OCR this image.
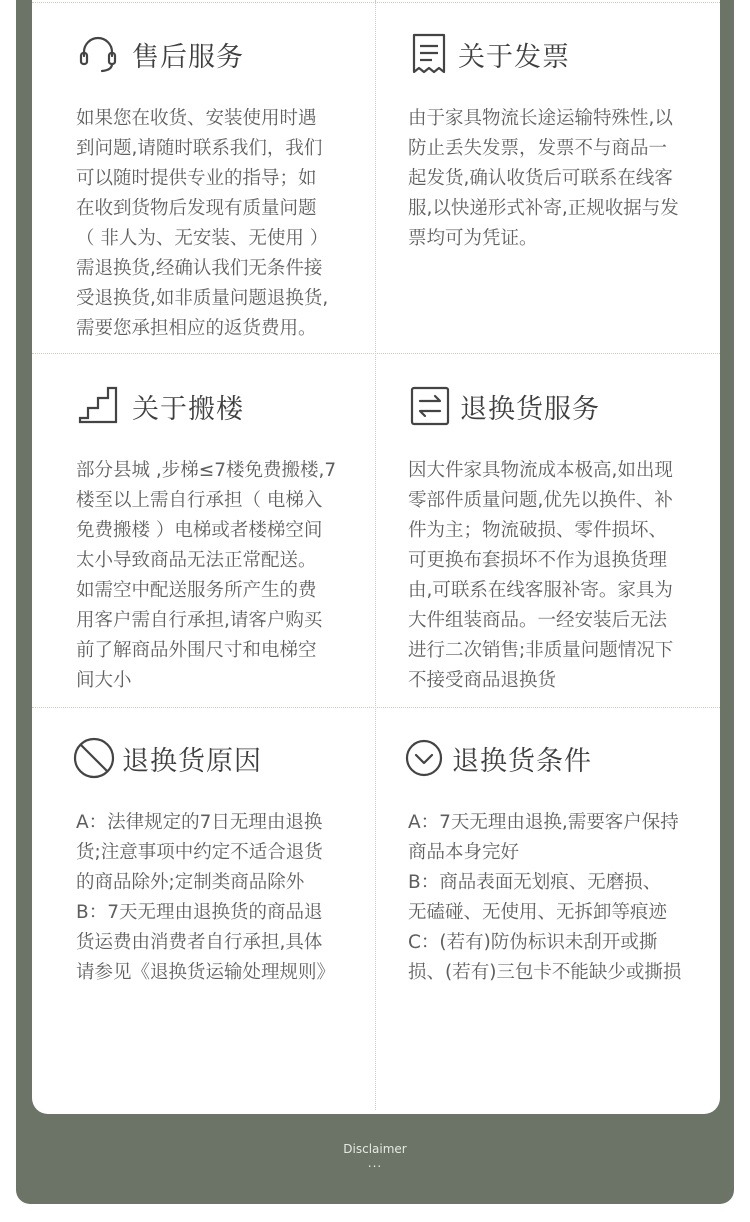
售后服务
如果您在收货、安装使用时遇
到问题,请随时联系我们，我们
可以随时提供专业的指导；如
在收到货物后发现有质量问题
（ 非人为、无安装、无使用 ）
需退换货,经确认我们无条件接
受退换货,如非质量问题退换货,
需要您承担相应的返货费用。
关于发票
由于家具物流长途运输特殊性,以
防止丢失发票，发票不与商品一
起发货,确认收货后可联系在线客
服,以快递形式补寄,正规收据与发
票均可为凭证。
关于搬楼
部分县城 ,步梯≤7楼免费搬楼,7
楼至以上需自行承担（ 电梯入
免费搬楼 ）电梯或者楼梯空间
太小导致商品无法正常配送。
如需空中配送服务所产生的费
用客户需自行承担,请客户购买
前了解商品外围尺寸和电梯空
间大小
退换货服务
因大件家具物流成本极高,如出现
零部件质量问题,优先以换件、补
件为主；物流破损、零件损坏、
可更换布套损坏不作为退换货理
由,可联系在线客服补寄。家具为
大件组装商品。一经安装后无法
进行二次销售;非质量问题情况下
不接受商品退换货
退换货原因
A：法律规定的7日无理由退换
货;注意事项中约定不适合退货
的商品除外;定制类商品除外
B：7天无理由退换货的商品退
货运费由消费者自行承担,具体
请参见《退换货运输处理规则》
退换货条件
A：7天无理由退换,需要客户保持
商品本身完好
B：商品表面无划痕、无磨损、
无磕碰、无使用、无拆卸等痕迹
C：(若有)防伪标识未刮开或撕
损、(若有)三包卡不能缺少或撕损
Disclaimer
...
